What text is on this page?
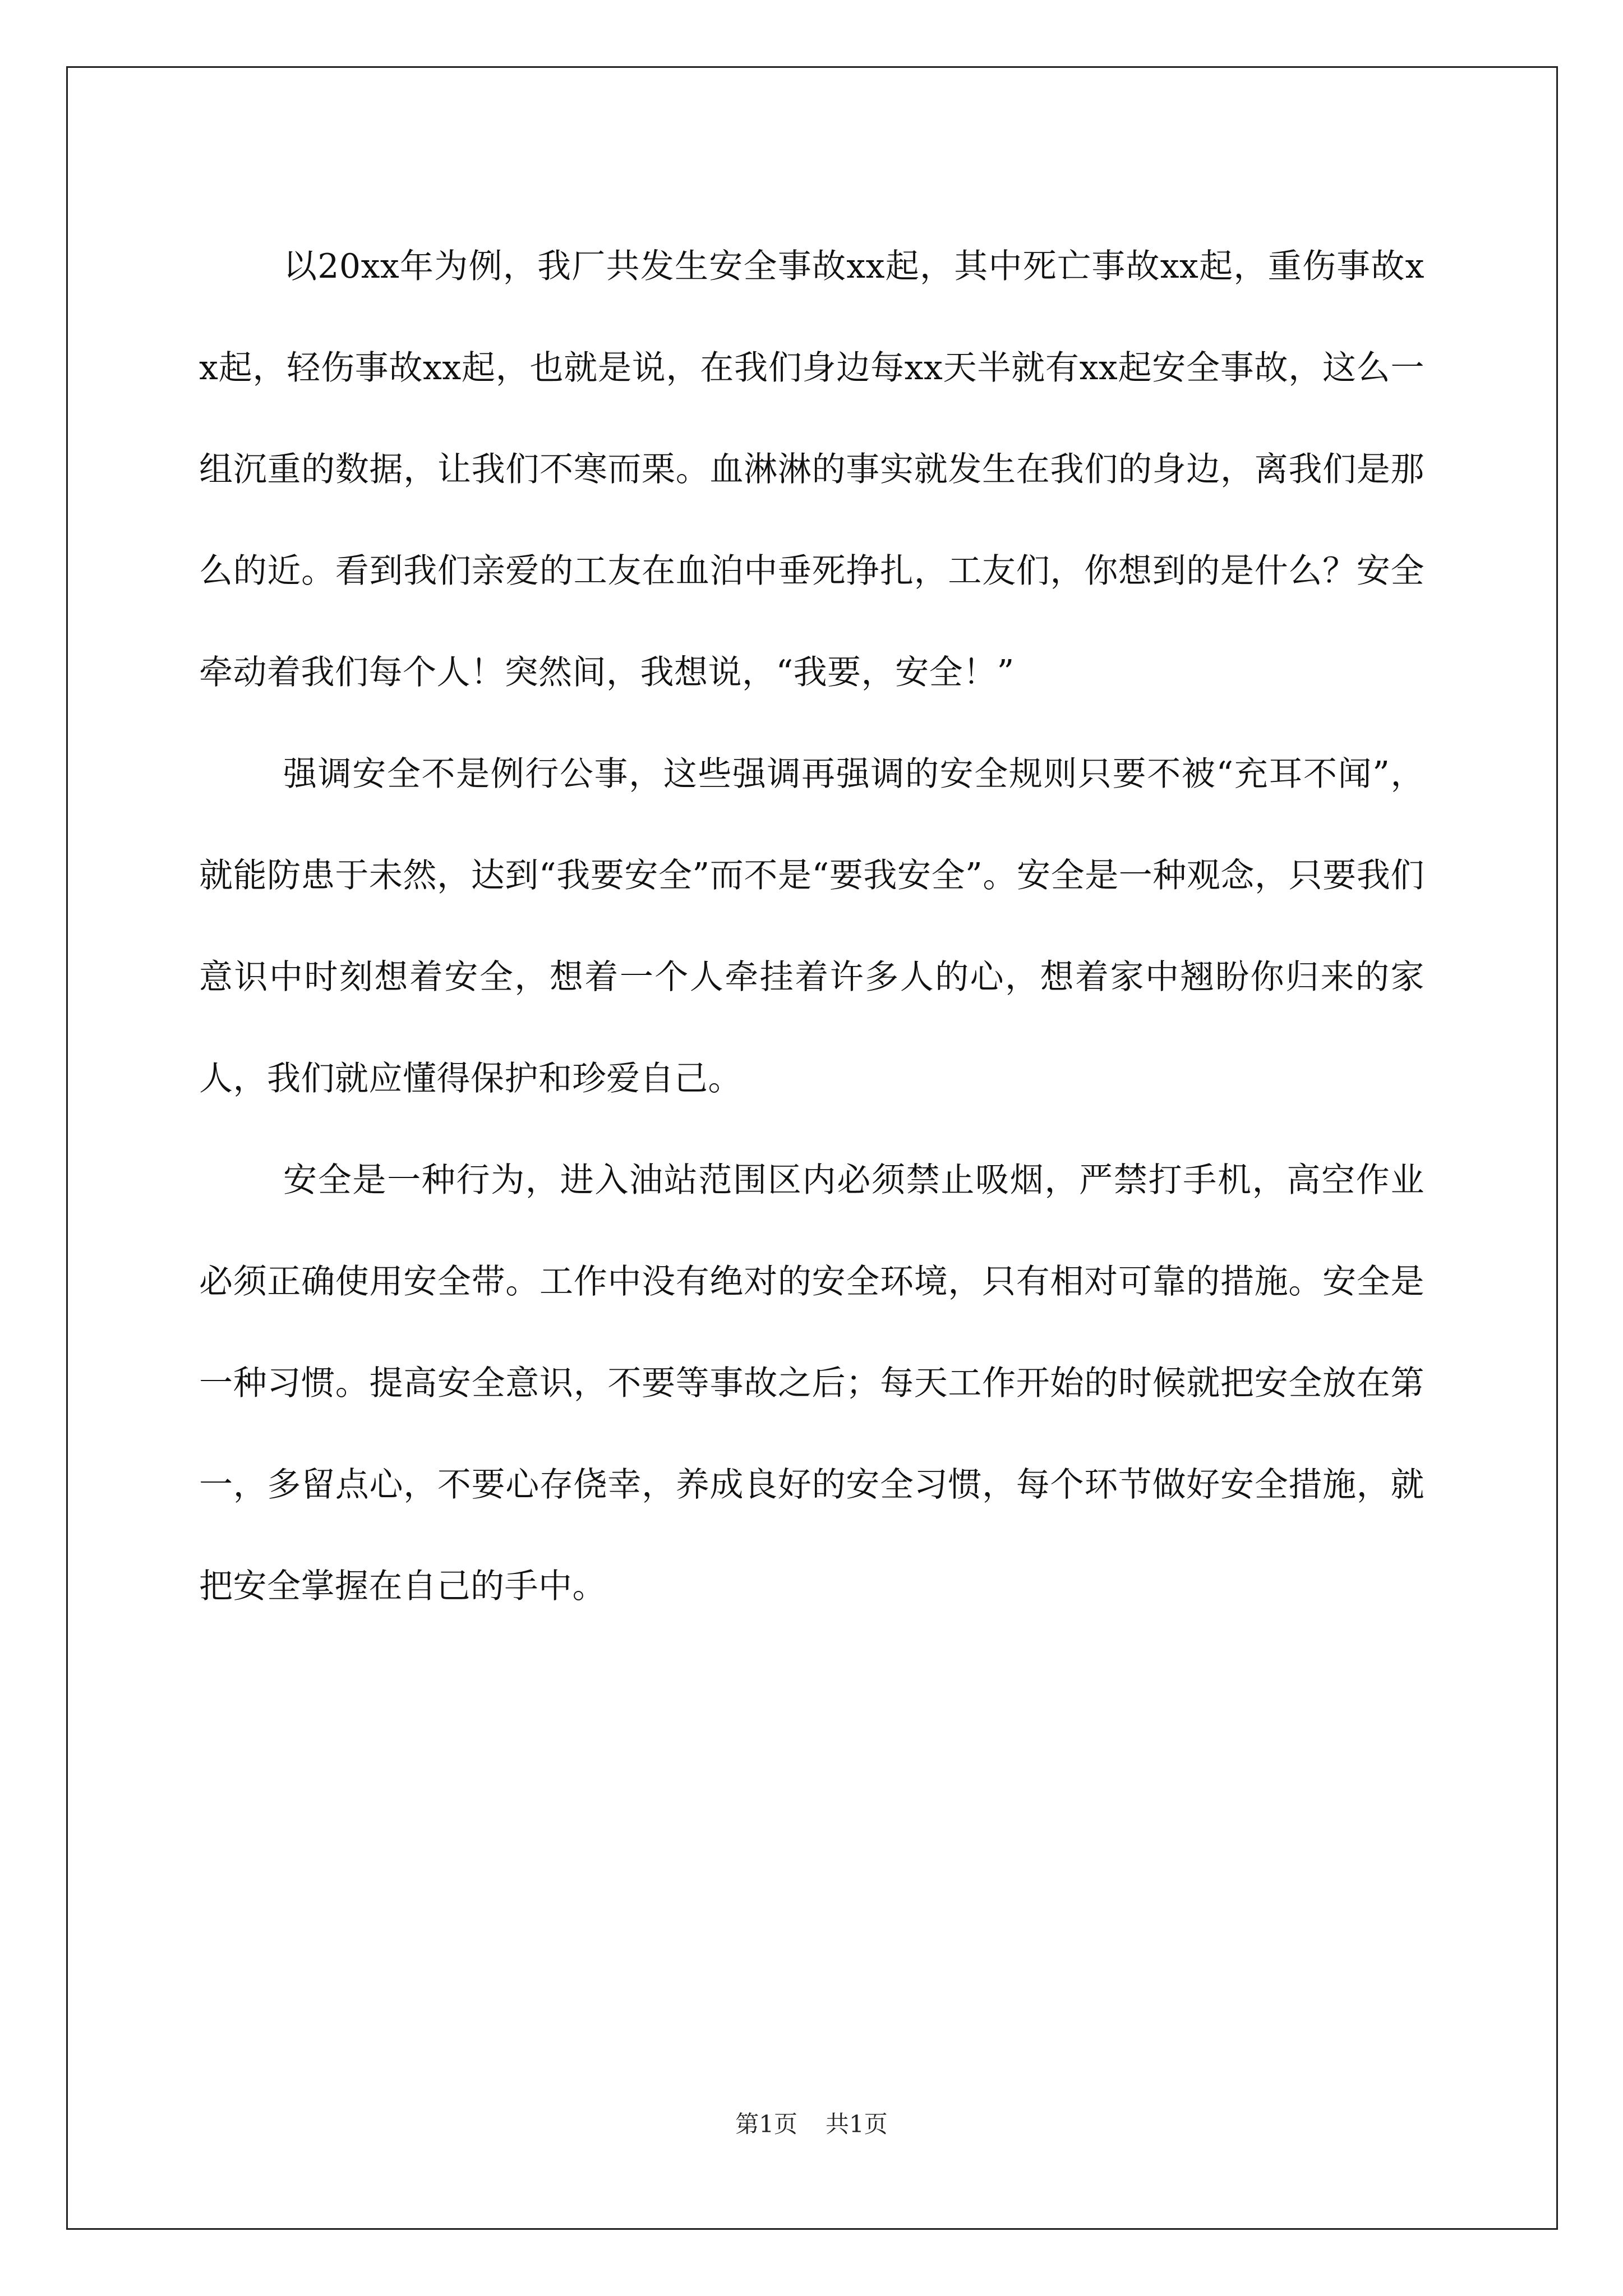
以20xx年为例，我厂共发生安全事故xx起，其中死亡事故xx起，重伤事故xx起，轻伤事故xx起，也就是说，在我们身边每xx天半就有xx起安全事故，这么一组沉重的数据，让我们不寒而栗。血淋淋的事实就发生在我们的身边，离我们是那么的近。看到我们亲爱的工友在血泊中垂死挣扎，工友们，你想到的是什么？安全牵动着我们每个人！突然间，我想说，“我要，安全！”

强调安全不是例行公事，这些强调再强调的安全规则只要不被“充耳不闻”，就能防患于未然，达到“我要安全”而不是“要我安全”。安全是一种观念，只要我们意识中时刻想着安全，想着一个人牵挂着许多人的心，想着家中翘盼你归来的家人，我们就应懂得保护和珍爱自己。

安全是一种行为，进入油站范围区内必须禁止吸烟，严禁打手机，高空作业必须正确使用安全带。工作中没有绝对的安全环境，只有相对可靠的措施。安全是一种习惯。提高安全意识，不要等事故之后；每天工作开始的时候就把安全放在第一，多留点心，不要心存侥幸，养成良好的安全习惯，每个环节做好安全措施，就把安全掌握在自己的手中。

第1页 共1页
